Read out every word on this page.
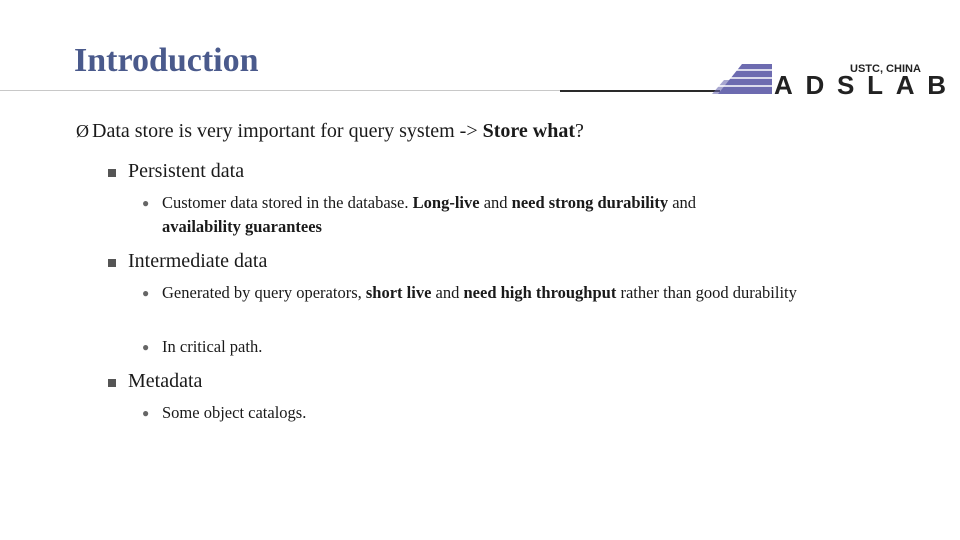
Introduction	USTC, CHINA
ADSLAB
Ø Data store is very important for query system -> Store what?
Persistent data
● Customer data stored in the database. Long-live and need strong durability and
availability guarantees
Intermediate data
● Generated by query operators, short live and need high throughput rather than good durability
● In critical path.
Metadata
● Some object catalogs.
